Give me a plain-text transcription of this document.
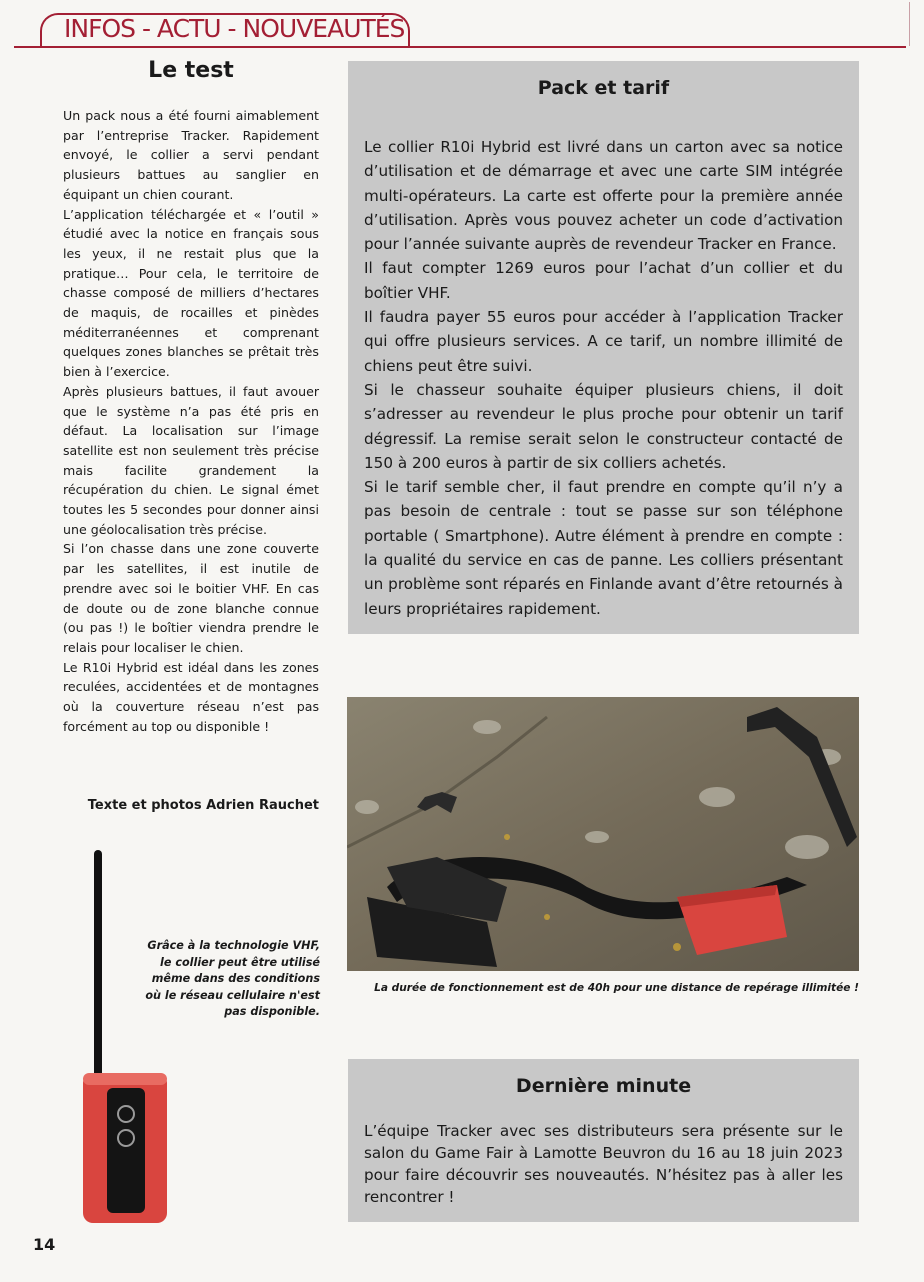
INFOS - ACTU - NOUVEAUTÉS
Le test

Un pack nous a été fourni aimablement par l’entreprise Tracker. Rapidement envoyé, le collier a servi pendant plusieurs battues au sanglier en équipant un chien courant.

L’application téléchargée et « l’outil » étudié avec la notice en français sous les yeux, il ne restait plus que la pratique… Pour cela, le territoire de chasse composé de milliers d’hectares de maquis, de rocailles et pinèdes méditerranéennes et comprenant quelques zones blanches se prêtait très bien à l’exercice.

Après plusieurs battues, il faut avouer que le système n’a pas été pris en défaut. La localisation sur l’image satellite est non seulement très précise mais facilite grandement la récupération du chien. Le signal émet toutes les 5 secondes pour donner ainsi une géolocalisation très précise.

Si l’on chasse dans une zone couverte par les satellites, il est inutile de prendre avec soi le boitier VHF. En cas de doute ou de zone blanche connue (ou pas !) le boîtier viendra prendre le relais pour localiser le chien.

Le R10i Hybrid est idéal dans les zones reculées, accidentées et de montagnes où la couverture réseau n’est pas forcément au top ou disponible !

Texte et photos Adrien Rauchet
Pack et tarif

Le collier R10i Hybrid est livré dans un carton avec sa notice d’utilisation et de démarrage et avec une carte SIM intégrée multi-opérateurs. La carte est offerte pour la première année d’utilisation. Après vous pouvez acheter un code d’activation pour l’année suivante auprès de revendeur Tracker en France.

Il faut compter 1269 euros pour l’achat d’un collier et du boîtier VHF.

Il faudra payer 55 euros pour accéder à l’application Tracker qui offre plusieurs services. A ce tarif, un nombre illimité de chiens peut être suivi.

Si le chasseur souhaite équiper plusieurs chiens, il doit s’adresser au revendeur le plus proche pour obtenir un tarif dégressif. La remise serait selon le constructeur contacté de 150 à 200 euros à partir de six colliers achetés.

Si le tarif semble cher, il faut prendre en compte qu’il n’y a pas besoin de centrale : tout se passe sur son téléphone portable ( Smartphone). Autre élément à prendre en compte : la qualité du service en cas de panne. Les colliers présentant un problème sont réparés en Finlande avant d’être retournés à leurs propriétaires rapidement.

La durée de fonctionnement est de 40h pour une distance de repérage illimitée !
Grâce à la technologie VHF, le collier peut être utilisé même dans des conditions où le réseau cellulaire n'est pas disponible.
Dernière minute

L’équipe Tracker avec ses distributeurs sera présente sur le salon du Game Fair à Lamotte Beuvron du 16 au 18 juin 2023 pour faire découvrir ses nouveautés. N’hésitez pas à aller les rencontrer !

14
